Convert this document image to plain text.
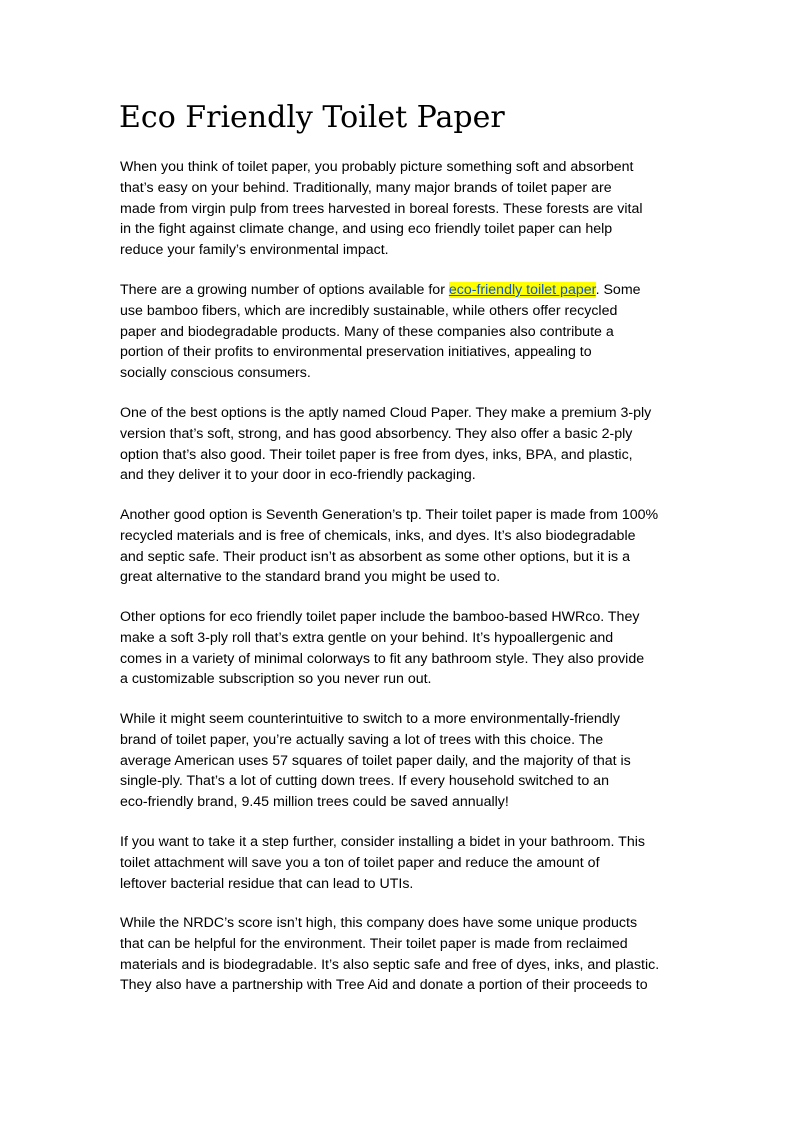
Eco Friendly Toilet Paper

When you think of toilet paper, you probably picture something soft and absorbent
that’s easy on your behind. Traditionally, many major brands of toilet paper are
made from virgin pulp from trees harvested in boreal forests. These forests are vital
in the fight against climate change, and using eco friendly toilet paper can help
reduce your family’s environmental impact.

There are a growing number of options available for eco-friendly toilet paper. Some
use bamboo fibers, which are incredibly sustainable, while others offer recycled
paper and biodegradable products. Many of these companies also contribute a
portion of their profits to environmental preservation initiatives, appealing to
socially conscious consumers.

One of the best options is the aptly named Cloud Paper. They make a premium 3-ply
version that’s soft, strong, and has good absorbency. They also offer a basic 2-ply
option that’s also good. Their toilet paper is free from dyes, inks, BPA, and plastic,
and they deliver it to your door in eco-friendly packaging.

Another good option is Seventh Generation’s tp. Their toilet paper is made from 100%
recycled materials and is free of chemicals, inks, and dyes. It’s also biodegradable
and septic safe. Their product isn’t as absorbent as some other options, but it is a
great alternative to the standard brand you might be used to.

Other options for eco friendly toilet paper include the bamboo-based HWRco. They
make a soft 3-ply roll that’s extra gentle on your behind. It’s hypoallergenic and
comes in a variety of minimal colorways to fit any bathroom style. They also provide
a customizable subscription so you never run out.

While it might seem counterintuitive to switch to a more environmentally-friendly
brand of toilet paper, you’re actually saving a lot of trees with this choice. The
average American uses 57 squares of toilet paper daily, and the majority of that is
single-ply. That’s a lot of cutting down trees. If every household switched to an
eco-friendly brand, 9.45 million trees could be saved annually!

If you want to take it a step further, consider installing a bidet in your bathroom. This
toilet attachment will save you a ton of toilet paper and reduce the amount of
leftover bacterial residue that can lead to UTIs.

While the NRDC’s score isn’t high, this company does have some unique products
that can be helpful for the environment. Their toilet paper is made from reclaimed
materials and is biodegradable. It’s also septic safe and free of dyes, inks, and plastic.
They also have a partnership with Tree Aid and donate a portion of their proceeds to
